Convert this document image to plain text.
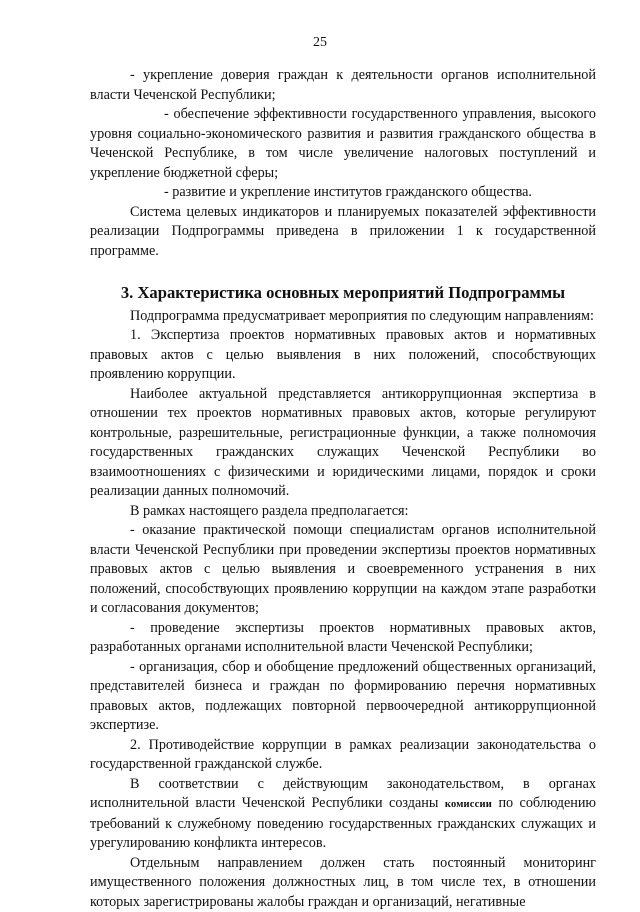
25

- укрепление доверия граждан к деятельности органов исполнительной власти Чеченской Республики;

- обеспечение эффективности государственного управления, высокого уровня социально-экономического развития и развития гражданского общества в Чеченской Республике, в том числе увеличение налоговых поступлений и укрепление бюджетной сферы;

- развитие и укрепление институтов гражданского общества.

Система целевых индикаторов и планируемых показателей эффективности реализации Подпрограммы приведена в приложении 1 к государственной программе.

3. Характеристика основных мероприятий Подпрограммы

Подпрограмма предусматривает мероприятия по следующим направлениям:

1. Экспертиза проектов нормативных правовых актов и нормативных правовых актов с целью выявления в них положений, способствующих проявлению коррупции.

Наиболее актуальной представляется антикоррупционная экспертиза в отношении тех проектов нормативных правовых актов, которые регулируют контрольные, разрешительные, регистрационные функции, а также полномочия государственных гражданских служащих Чеченской Республики во взаимоотношениях с физическими и юридическими лицами, порядок и сроки реализации данных полномочий.

В рамках настоящего раздела предполагается:

- оказание практической помощи специалистам органов исполнительной власти Чеченской Республики при проведении экспертизы проектов нормативных правовых актов с целью выявления и своевременного устранения в них положений, способствующих проявлению коррупции на каждом этапе разработки и согласования документов;

- проведение экспертизы проектов нормативных правовых актов, разработанных органами исполнительной власти Чеченской Республики;

- организация, сбор и обобщение предложений общественных организаций, представителей бизнеса и граждан по формированию перечня нормативных правовых актов, подлежащих повторной первоочередной антикоррупционной экспертизе.

2. Противодействие коррупции в рамках реализации законодательства о государственной гражданской службе.

В соответствии с действующим законодательством, в органах исполнительной власти Чеченской Республики созданы комиссии по соблюдению требований к служебному поведению государственных гражданских служащих и урегулированию конфликта интересов.

Отдельным направлением должен стать постоянный мониторинг имущественного положения должностных лиц, в том числе тех, в отношении которых зарегистрированы жалобы граждан и организаций, негативные
